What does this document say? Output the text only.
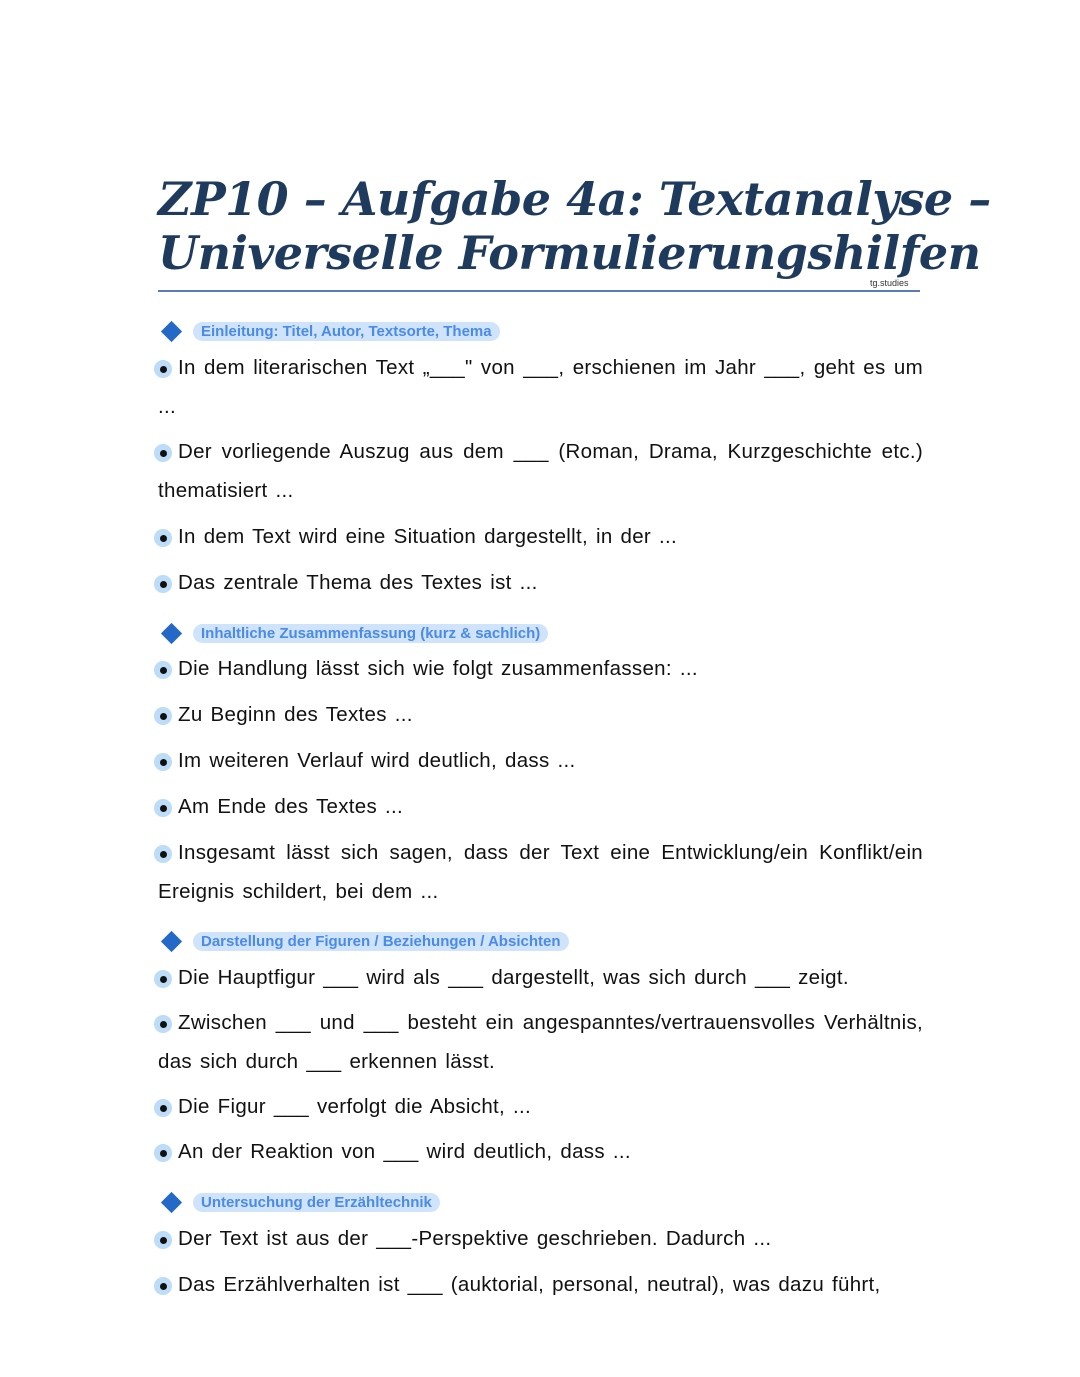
ZP10 – Aufgabe 4a: Textanalyse –
Universelle Formulierungshilfen
tg.studies
Einleitung: Titel, Autor, Textsorte, Thema
In dem literarischen Text „___" von ___, erschienen im Jahr ___, geht es um ...
Der vorliegende Auszug aus dem ___ (Roman, Drama, Kurzgeschichte etc.) thematisiert ...
In dem Text wird eine Situation dargestellt, in der ...
Das zentrale Thema des Textes ist ...
Inhaltliche Zusammenfassung (kurz & sachlich)
Die Handlung lässt sich wie folgt zusammenfassen: ...
Zu Beginn des Textes ...
Im weiteren Verlauf wird deutlich, dass ...
Am Ende des Textes ...
Insgesamt lässt sich sagen, dass der Text eine Entwicklung/ein Konflikt/ein Ereignis schildert, bei dem ...
Darstellung der Figuren / Beziehungen / Absichten
Die Hauptfigur ___ wird als ___ dargestellt, was sich durch ___ zeigt.
Zwischen ___ und ___ besteht ein angespanntes/vertrauensvolles Verhältnis, das sich durch ___ erkennen lässt.
Die Figur ___ verfolgt die Absicht, ...
An der Reaktion von ___ wird deutlich, dass ...
Untersuchung der Erzähltechnik
Der Text ist aus der ___-Perspektive geschrieben. Dadurch ...
Das Erzählverhalten ist ___ (auktorial, personal, neutral), was dazu führt,
